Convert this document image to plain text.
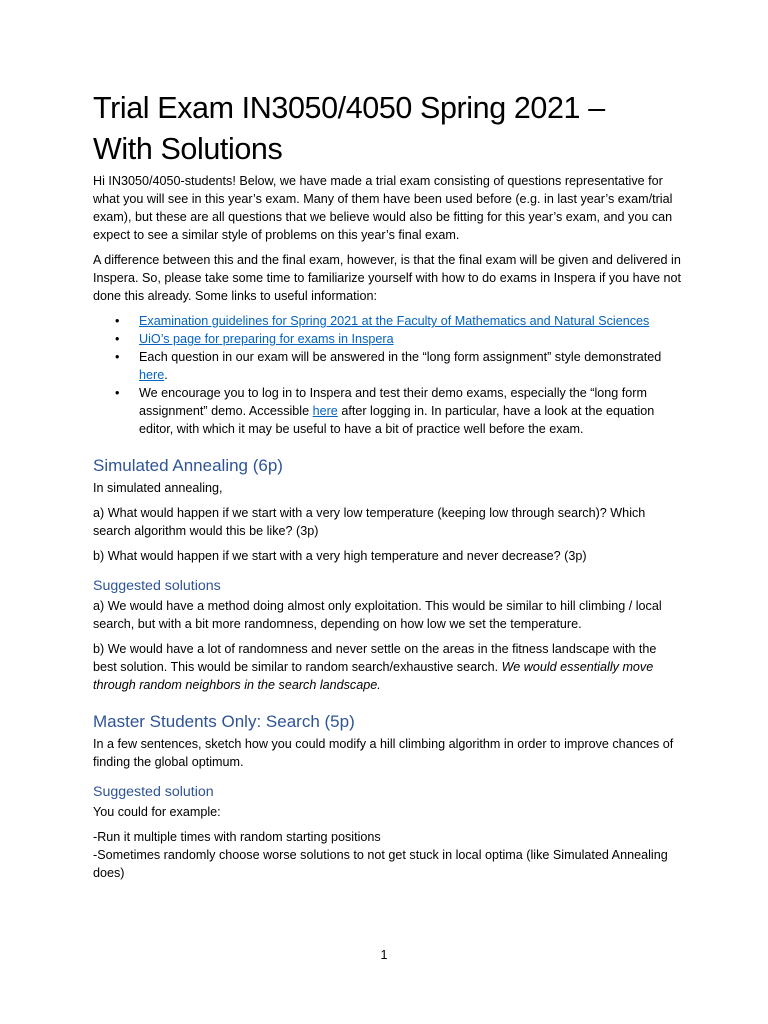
Trial Exam IN3050/4050 Spring 2021 –
With Solutions

Hi IN3050/4050-students! Below, we have made a trial exam consisting of questions representative for what you will see in this year’s exam. Many of them have been used before (e.g. in last year’s exam/trial exam), but these are all questions that we believe would also be fitting for this year’s exam, and you can expect to see a similar style of problems on this year’s final exam.

A difference between this and the final exam, however, is that the final exam will be given and delivered in Inspera. So, please take some time to familiarize yourself with how to do exams in Inspera if you have not done this already. Some links to useful information:

• Examination guidelines for Spring 2021 at the Faculty of Mathematics and Natural Sciences
• UiO’s page for preparing for exams in Inspera
• Each question in our exam will be answered in the “long form assignment” style demonstrated here.
• We encourage you to log in to Inspera and test their demo exams, especially the “long form assignment” demo. Accessible here after logging in. In particular, have a look at the equation editor, with which it may be useful to have a bit of practice well before the exam.
Simulated Annealing (6p)

In simulated annealing,

a) What would happen if we start with a very low temperature (keeping low through search)? Which search algorithm would this be like? (3p)

b) What would happen if we start with a very high temperature and never decrease? (3p)

Suggested solutions

a) We would have a method doing almost only exploitation. This would be similar to hill climbing / local search, but with a bit more randomness, depending on how low we set the temperature.

b) We would have a lot of randomness and never settle on the areas in the fitness landscape with the best solution. This would be similar to random search/exhaustive search. We would essentially move through random neighbors in the search landscape.

Master Students Only: Search (5p)

In a few sentences, sketch how you could modify a hill climbing algorithm in order to improve chances of finding the global optimum.

Suggested solution

You could for example:

-Run it multiple times with random starting positions
-Sometimes randomly choose worse solutions to not get stuck in local optima (like Simulated Annealing does)

1
